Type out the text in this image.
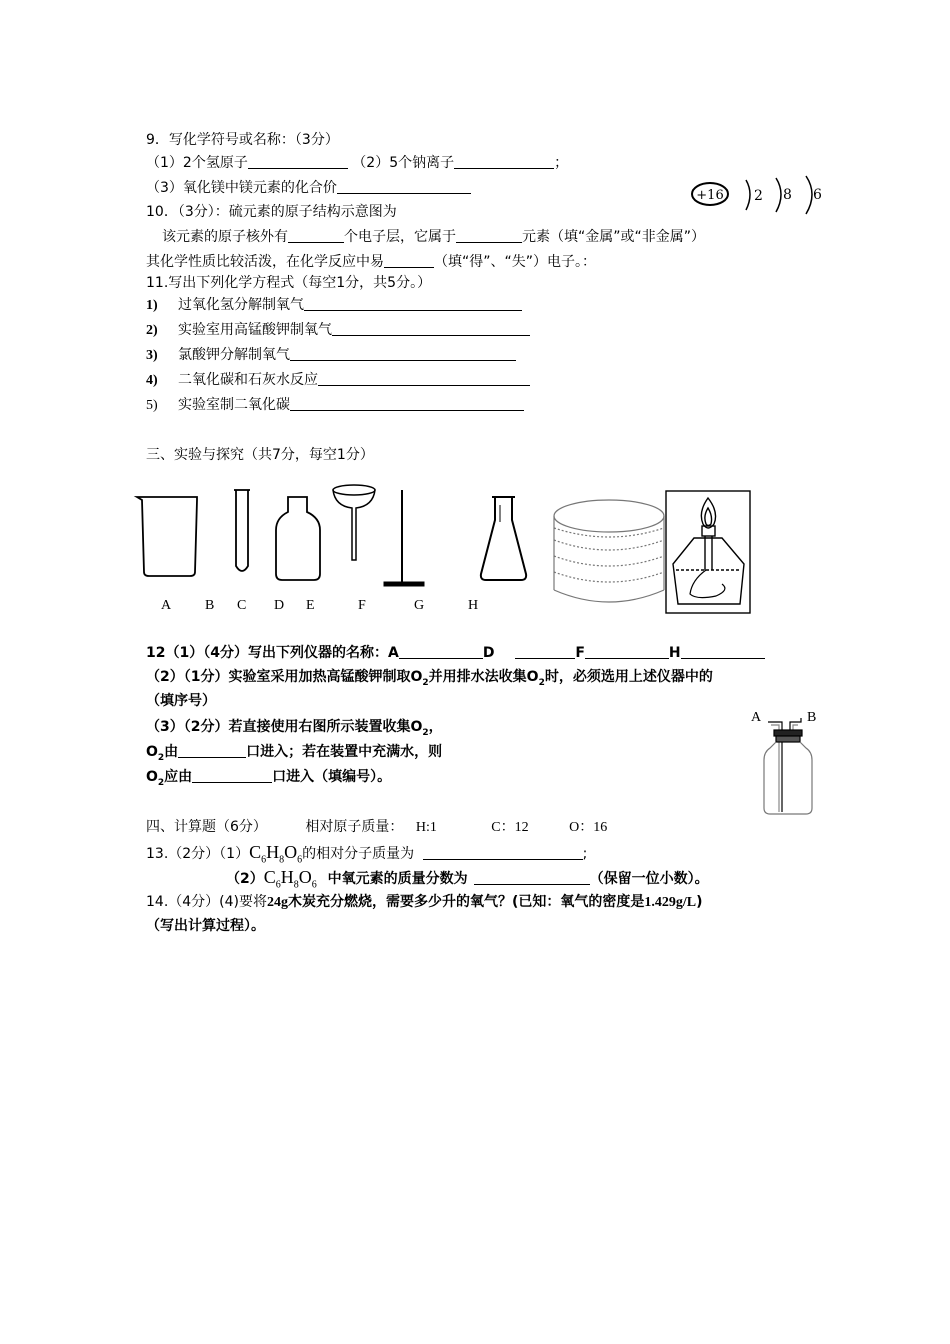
9．写化学符号或名称：（3分）
（1）2个氢原子	（2）5个钠离子	；
（3）氧化镁中镁元素的化合价	+16 2 8 6
10．（3分）：硫元素的原子结构示意图为
该元素的原子核外有	个电子层，它属于	元素（填“金属”或“非金属”）
其化学性质比较活泼，在化学反应中易	（填“得”、“失”）电子。：
11.写出下列化学方程式（每空1分，共5分。）
1) 过氧化氢分解制氧气
2) 实验室用高锰酸钾制氧气
3) 氯酸钾分解制氧气
4) 二氧化碳和石灰水反应
5) 实验室制二氧化碳
三、实验与探究（共7分，每空1分）
A B C D E	F	G	H
12（1）（4分）写出下列仪器的名称：A	D	F	H
（2）（1分）实验室采用加热高锰酸钾制取$O_2$并用排水法收集$O_2$时，必须选用上述仪器中的
（填序号）
（3）（2分）若直接使用右图所示装置收集$O_2$，
$O_2$由	口进入；若在装置中充满水，则
$O_2$应由	口进入（填编号）。
A	B
四、计算题（6分）	相对原子质量： H:1	C：12	O：16
13.（2分）$(1)C_6H_8O_6$的相对分子质量为	;
$(2)C_6H_8O_6$ 中氧元素的质量分数为	（保留一位小数）。
14.（4分）(4)要将24g木炭充分燃烧，需要多少升的氧气？(已知：氧气的密度是1.429g/L)
（写出计算过程）。
